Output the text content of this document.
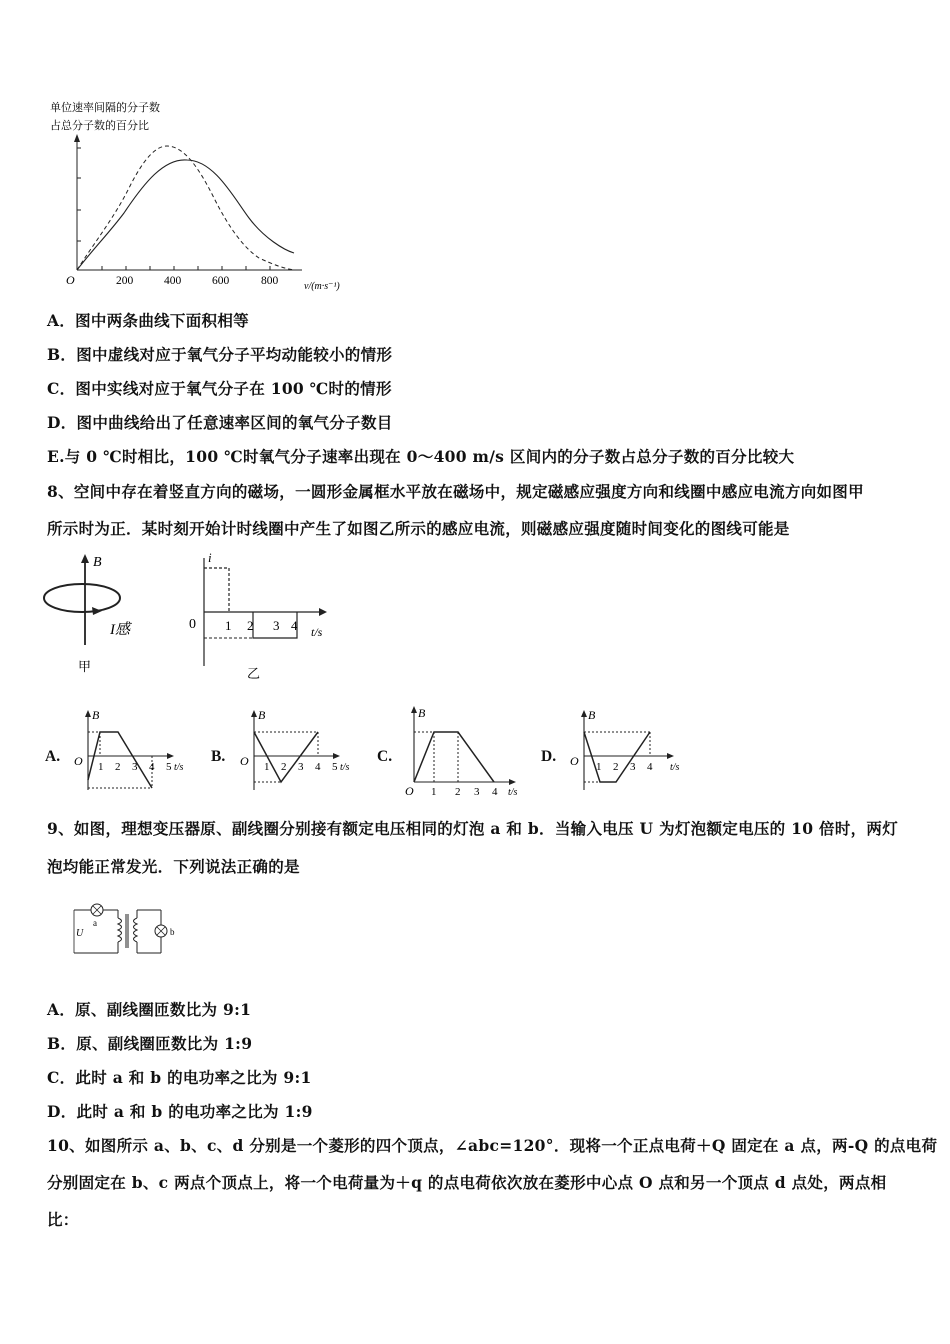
单位速率间隔的分子数
占总分子数的百分比
O	200	400	600	800	v/(m·s⁻¹)
A．图中两条曲线下面积相等
B．图中虚线对应于氧气分子平均动能较小的情形
C．图中实线对应于氧气分子在 100 ℃时的情形
D．图中曲线给出了任意速率区间的氧气分子数目
E.与 0 ℃时相比，100 ℃时氧气分子速率出现在 0～400 m/s 区间内的分子数占总分子数的百分比较大
8、空间中存在着竖直方向的磁场，一圆形金属框水平放在磁场中，规定磁感应强度方向和线圈中感应电流方向如图甲
所示时为正．某时刻开始计时线圈中产生了如图乙所示的感应电流，则磁感应强度随时间变化的图线可能是
B
I感
甲
i
0 1 2 3 4 t/s
乙
A.	B.	C.	D.
B
O 1 2 3 4 5 t/s
B
O 1 2 3 4 5 t/s
B
O 1 2 3 4 t/s
B
O 1 2 3 4 t/s
9、如图，理想变压器原、副线圈分别接有额定电压相同的灯泡 a 和 b．当输入电压 U 为灯泡额定电压的 10 倍时，两灯
泡均能正常发光．下列说法正确的是
a
U	b
A．原、副线圈匝数比为 9:1
B．原、副线圈匝数比为 1:9
C．此时 a 和 b 的电功率之比为 9:1
D．此时 a 和 b 的电功率之比为 1:9
10、如图所示 a、b、c、d 分别是一个菱形的四个顶点，∠abc=120°．现将一个正点电荷＋Q 固定在 a 点，两-Q 的点电荷
分别固定在 b、c 两点个顶点上，将一个电荷量为＋q 的点电荷依次放在菱形中心点 O 点和另一个顶点 d 点处，两点相
比：
